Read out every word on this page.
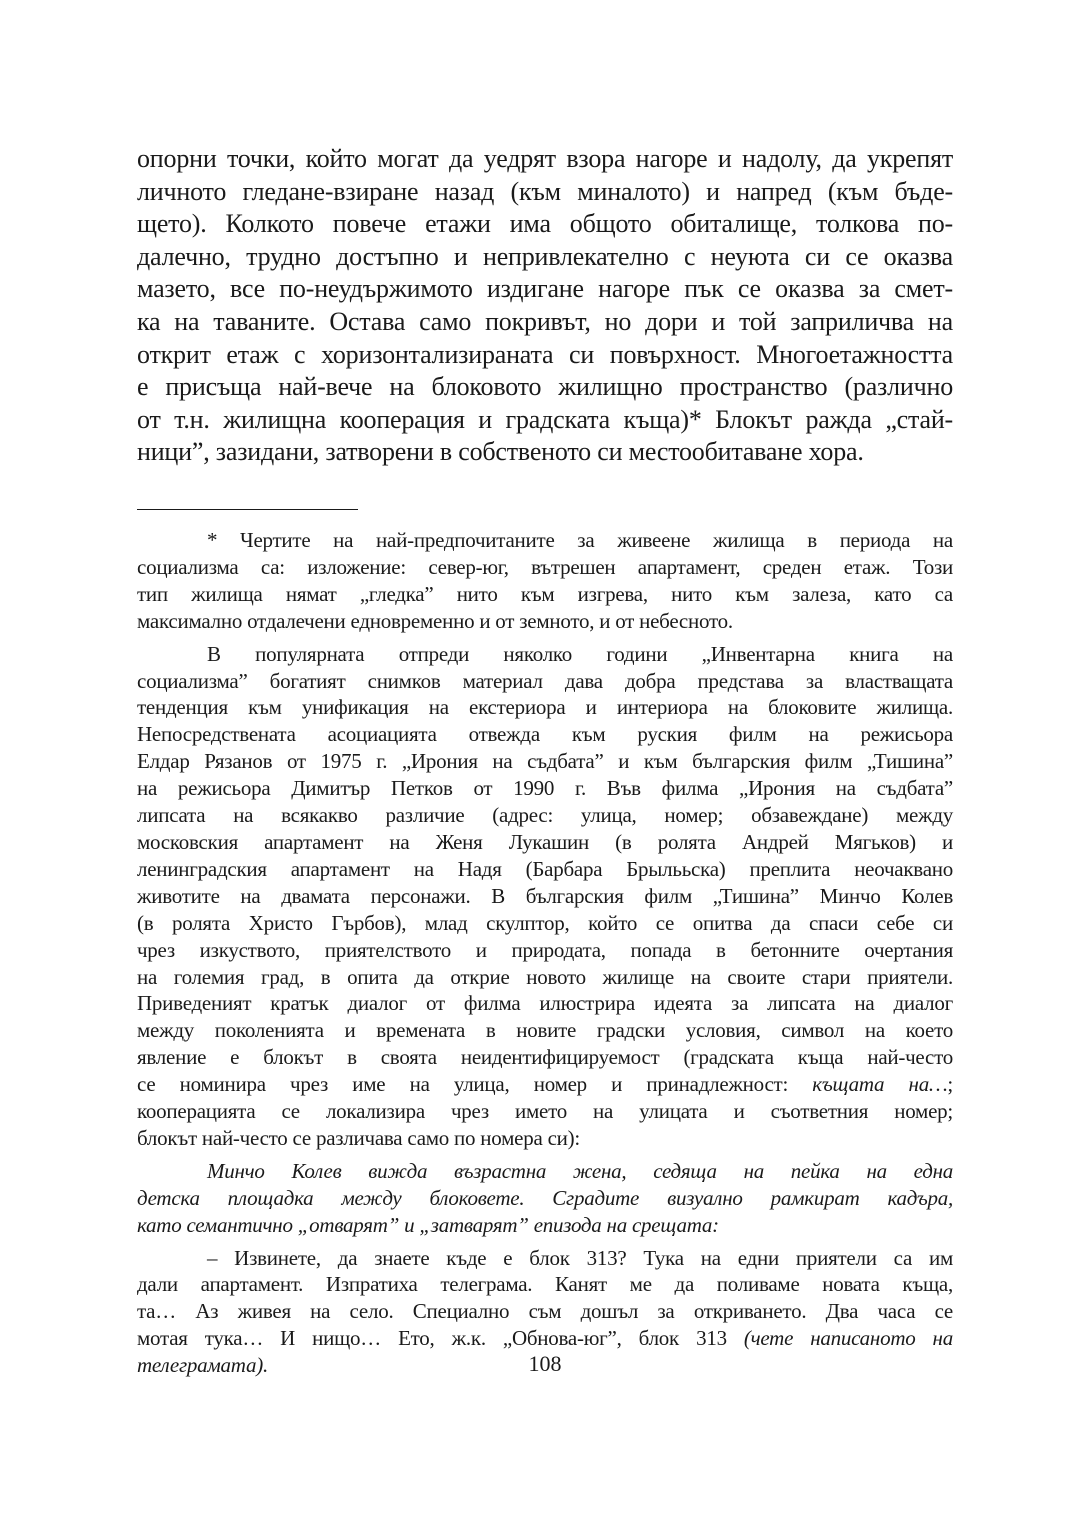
опорни точки, който могат да уедрят взора нагоре и надолу, да укрепят
личното гледане-взиране назад (към миналото) и напред (към бъде-
щето). Колкото повече етажи има общото обиталище, толкова по-
далечно, трудно достъпно и непривлекателно с неуюта си се оказва
мазето, все по-неудържимото издигане нагоре пък се оказва за смет-
ка на таваните. Остава само покривът, но дори и той заприличва на
открит етаж с хоризонтализираната си повърхност. Многоетажността
е присъща най-вече на блоковото жилищно пространство (различно
от т.н. жилищна кооперация и градската къща)* Блокът ражда „стай-
ници”, зазидани, затворени в собственото си местообитаване хора.

* Чертите на най-предпочитаните за живеене жилища в периода на
социализма са: изложение: север-юг, вътрешен апартамент, среден етаж. Този
тип жилища нямат „гледка” нито към изгрева, нито към залеза, като са
максимално отдалечени едновременно и от земното, и от небесното.

В популярната отпреди няколко години „Инвентарна книга на
социализма” богатият снимков материал дава добра представа за властващата
тенденция към унификация на екстериора и интериора на блоковите жилища.
Непосредствената асоциацията отвежда към руския филм на режисьора
Елдар Рязанов от 1975 г. „Ирония на съдбата” и към българския филм „Тишина”
на режисьора Димитър Петков от 1990 г. Във филма „Ирония на съдбата”
липсата на всякакво различие (адрес: улица, номер; обзавеждане) между
московския апартамент на Женя Лукашин (в ролята Андрей Мягьков) и
ленинградския апартамент на Надя (Барбара Брылььска) преплита неочаквано
животите на двамата персонажи. В българския филм „Тишина” Минчо Колев
(в ролята Христо Гърбов), млад скулптор, който се опитва да спаси себе си
чрез изкуството, приятелството и природата, попада в бетонните очертания
на големия град, в опита да открие новото жилище на своите стари приятели.
Приведеният кратък диалог от филма илюстрира идеята за липсата на диалог
между поколенията и времената в новите градски условия, символ на което
явление е блокът в своята неидентифицируемост (градската къща най-често
се номинира чрез име на улица, номер и принадлежност: къщата на…;
кооперацията се локализира чрез името на улицата и съответния номер;
блокът най-често се различава само по номера си):

Минчо Колев вижда възрастна жена, седяща на пейка на една
детска площадка между блоковете. Сградите визуално рамкират кадъра,
като семантично „отварят” и „затварят” епизода на срещата:

– Извинете, да знаете къде е блок 313? Тука на едни приятели са им
дали апартамент. Изпратиха телеграма. Канят ме да поливаме новата къща,
та… Аз живея на село. Специално съм дошъл за откриването. Два часа се
мотая тука… И нищо… Ето, ж.к. „Обнова-юг”, блок 313 (чете написаното на
телеграмата).	108
